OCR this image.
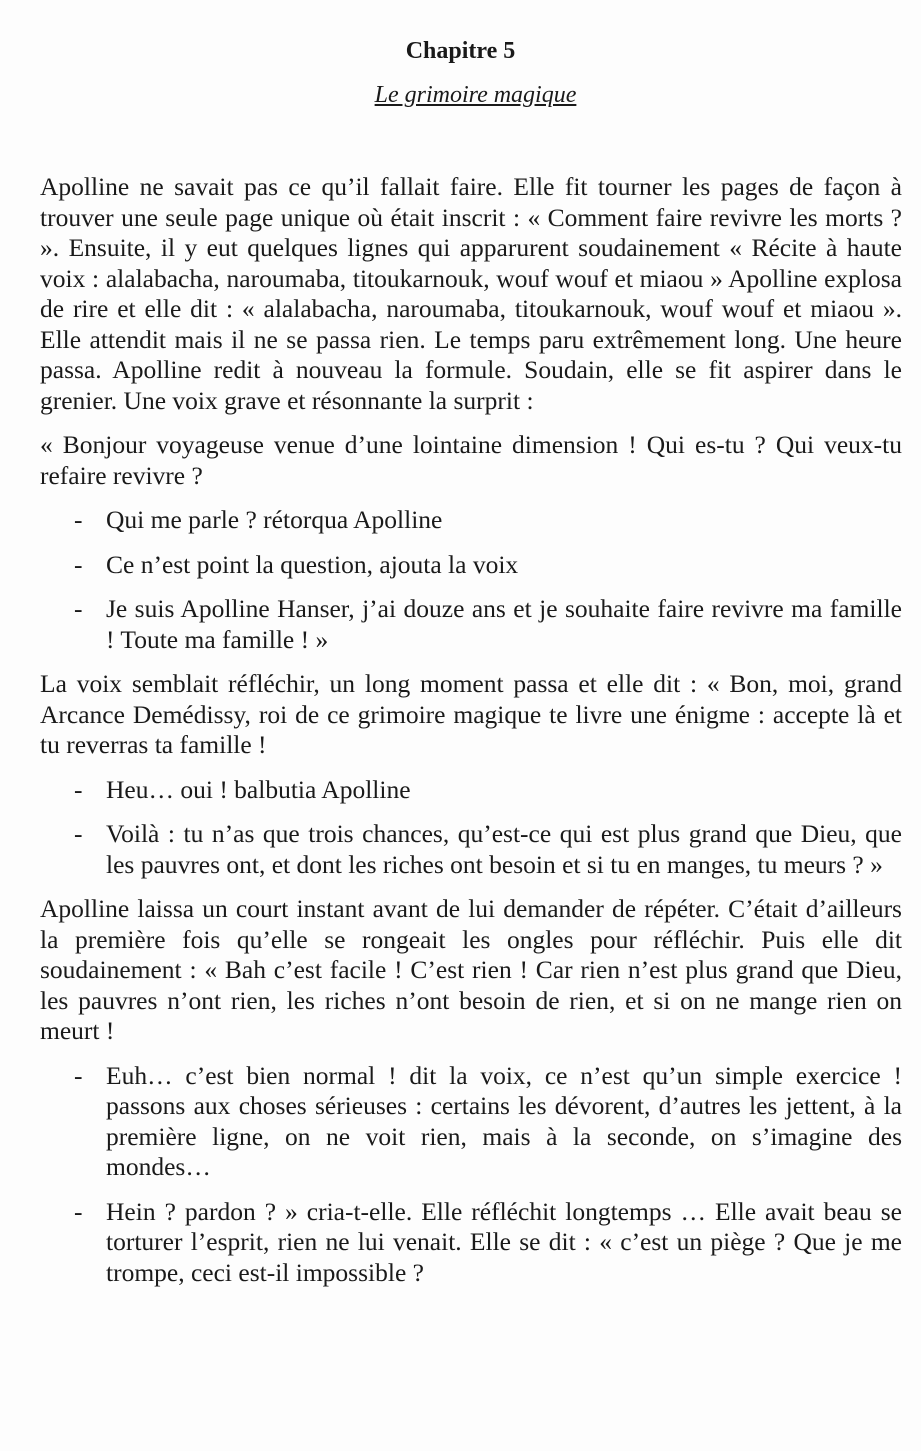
Chapitre 5
Le grimoire magique

Apolline ne savait pas ce qu’il fallait faire. Elle fit tourner les pages de façon à trouver une seule page unique où était inscrit : « Comment faire revivre les morts ? ». Ensuite, il y eut quelques lignes qui apparurent soudainement « Récite à haute voix : alalabacha, naroumaba, titoukarnouk, wouf wouf et miaou » Apolline explosa de rire et elle dit : « alalabacha, naroumaba, titoukarnouk, wouf wouf et miaou ». Elle attendit mais il ne se passa rien. Le temps paru extrêmement long. Une heure passa. Apolline redit à nouveau la formule. Soudain, elle se fit aspirer dans le grenier. Une voix grave et résonnante la surprit :

« Bonjour voyageuse venue d’une lointaine dimension ! Qui es-tu ? Qui veux-tu refaire revivre ?

- Qui me parle ? rétorqua Apolline

- Ce n’est point la question, ajouta la voix

- Je suis Apolline Hanser, j’ai douze ans et je souhaite faire revivre ma famille ! Toute ma famille ! »

La voix semblait réfléchir, un long moment passa et elle dit : « Bon, moi, grand Arcance Demédissy, roi de ce grimoire magique te livre une énigme : accepte là et tu reverras ta famille !

- Heu… oui ! balbutia Apolline

- Voilà : tu n’as que trois chances, qu’est-ce qui est plus grand que Dieu, que les pauvres ont, et dont les riches ont besoin et si tu en manges, tu meurs ? »

Apolline laissa un court instant avant de lui demander de répéter. C’était d’ailleurs la première fois qu’elle se rongeait les ongles pour réfléchir. Puis elle dit soudainement : « Bah c’est facile ! C’est rien ! Car rien n’est plus grand que Dieu, les pauvres n’ont rien, les riches n’ont besoin de rien, et si on ne mange rien on meurt !

- Euh… c’est bien normal ! dit la voix, ce n’est qu’un simple exercice ! passons aux choses sérieuses : certains les dévorent, d’autres les jettent, à la première ligne, on ne voit rien, mais à la seconde, on s’imagine des mondes…

- Hein ? pardon ? » cria-t-elle. Elle réfléchit longtemps … Elle avait beau se torturer l’esprit, rien ne lui venait. Elle se dit : « c’est un piège ? Que je me trompe, ceci est-il impossible ?
